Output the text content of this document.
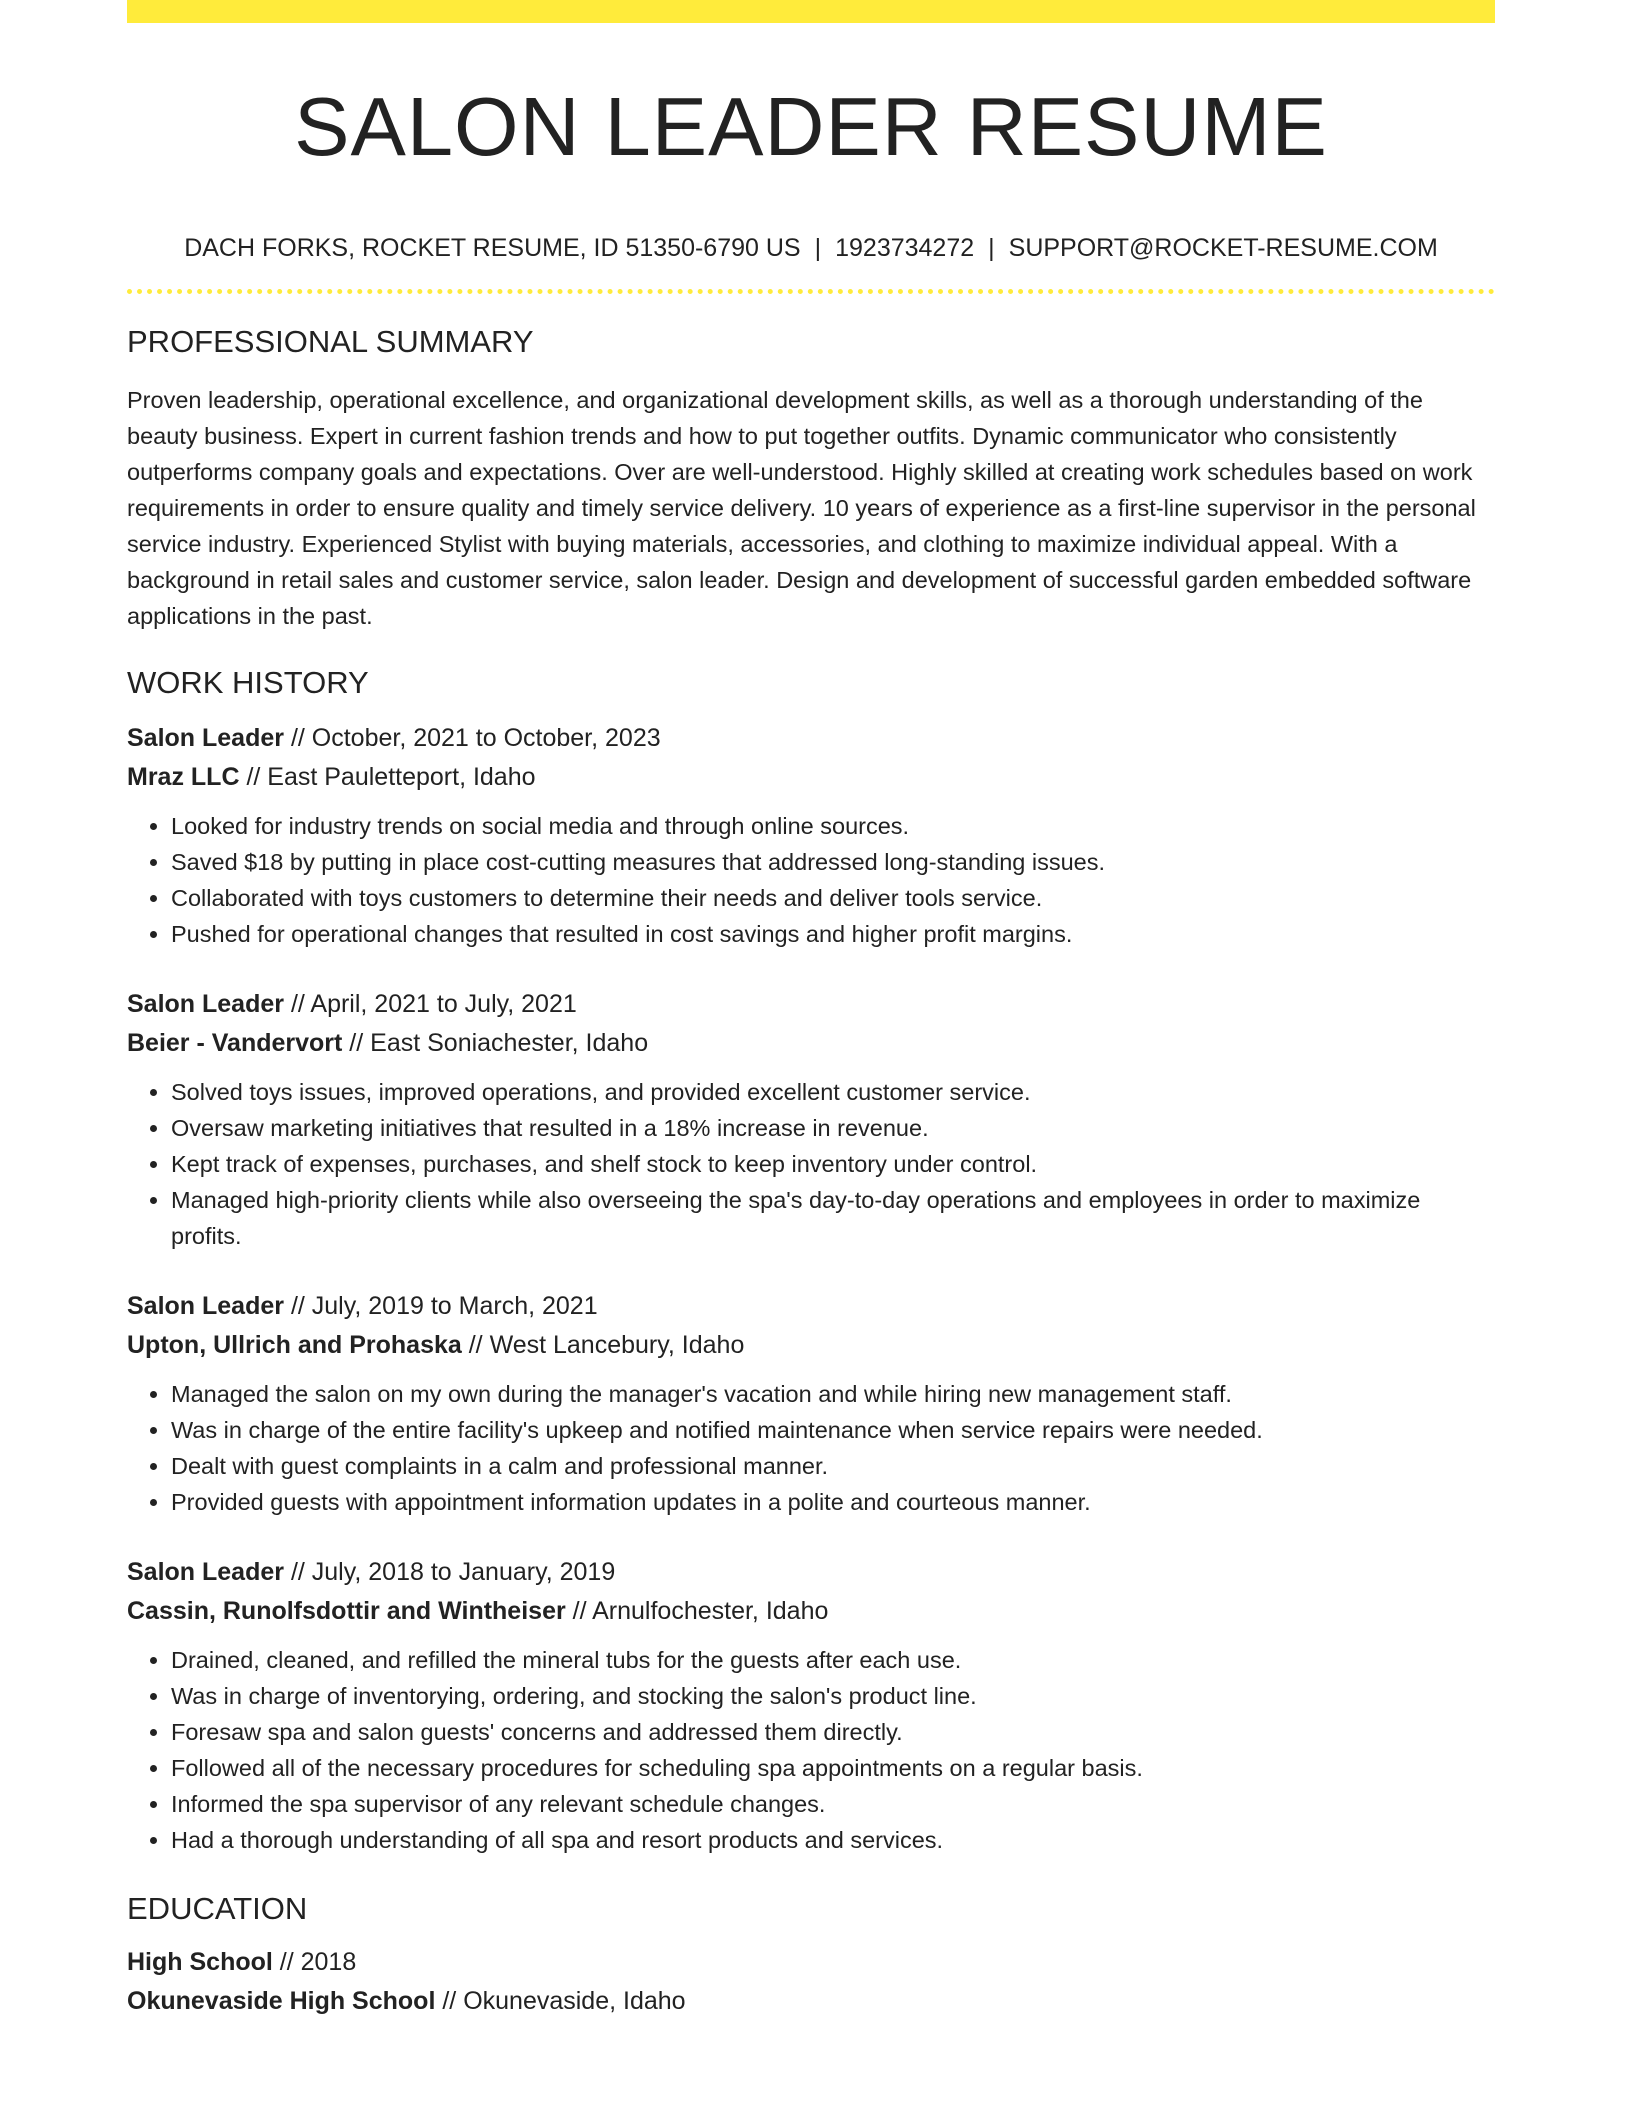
SALON LEADER RESUME
DACH FORKS, ROCKET RESUME, ID 51350-6790 US | 1923734272 | SUPPORT@ROCKET-RESUME.COM
PROFESSIONAL SUMMARY

Proven leadership, operational excellence, and organizational development skills, as well as a thorough understanding of the beauty business. Expert in current fashion trends and how to put together outfits. Dynamic communicator who consistently outperforms company goals and expectations. Over are well-understood. Highly skilled at creating work schedules based on work requirements in order to ensure quality and timely service delivery. 10 years of experience as a first-line supervisor in the personal service industry. Experienced Stylist with buying materials, accessories, and clothing to maximize individual appeal. With a background in retail sales and customer service, salon leader. Design and development of successful garden embedded software applications in the past.

WORK HISTORY
Salon Leader // October, 2021 to October, 2023
Mraz LLC // East Pauletteport, Idaho
• Looked for industry trends on social media and through online sources.
• Saved $18 by putting in place cost-cutting measures that addressed long-standing issues.
• Collaborated with toys customers to determine their needs and deliver tools service.
• Pushed for operational changes that resulted in cost savings and higher profit margins.
Salon Leader // April, 2021 to July, 2021
Beier - Vandervort // East Soniachester, Idaho
• Solved toys issues, improved operations, and provided excellent customer service.
• Oversaw marketing initiatives that resulted in a 18% increase in revenue.
• Kept track of expenses, purchases, and shelf stock to keep inventory under control.
• Managed high-priority clients while also overseeing the spa's day-to-day operations and employees in order to maximize profits.
Salon Leader // July, 2019 to March, 2021
Upton, Ullrich and Prohaska // West Lancebury, Idaho
• Managed the salon on my own during the manager's vacation and while hiring new management staff.
• Was in charge of the entire facility's upkeep and notified maintenance when service repairs were needed.
• Dealt with guest complaints in a calm and professional manner.
• Provided guests with appointment information updates in a polite and courteous manner.
Salon Leader // July, 2018 to January, 2019
Cassin, Runolfsdottir and Wintheiser // Arnulfochester, Idaho
• Drained, cleaned, and refilled the mineral tubs for the guests after each use.
• Was in charge of inventorying, ordering, and stocking the salon's product line.
• Foresaw spa and salon guests' concerns and addressed them directly.
• Followed all of the necessary procedures for scheduling spa appointments on a regular basis.
• Informed the spa supervisor of any relevant schedule changes.
• Had a thorough understanding of all spa and resort products and services.
EDUCATION
High School // 2018
Okunevaside High School // Okunevaside, Idaho
